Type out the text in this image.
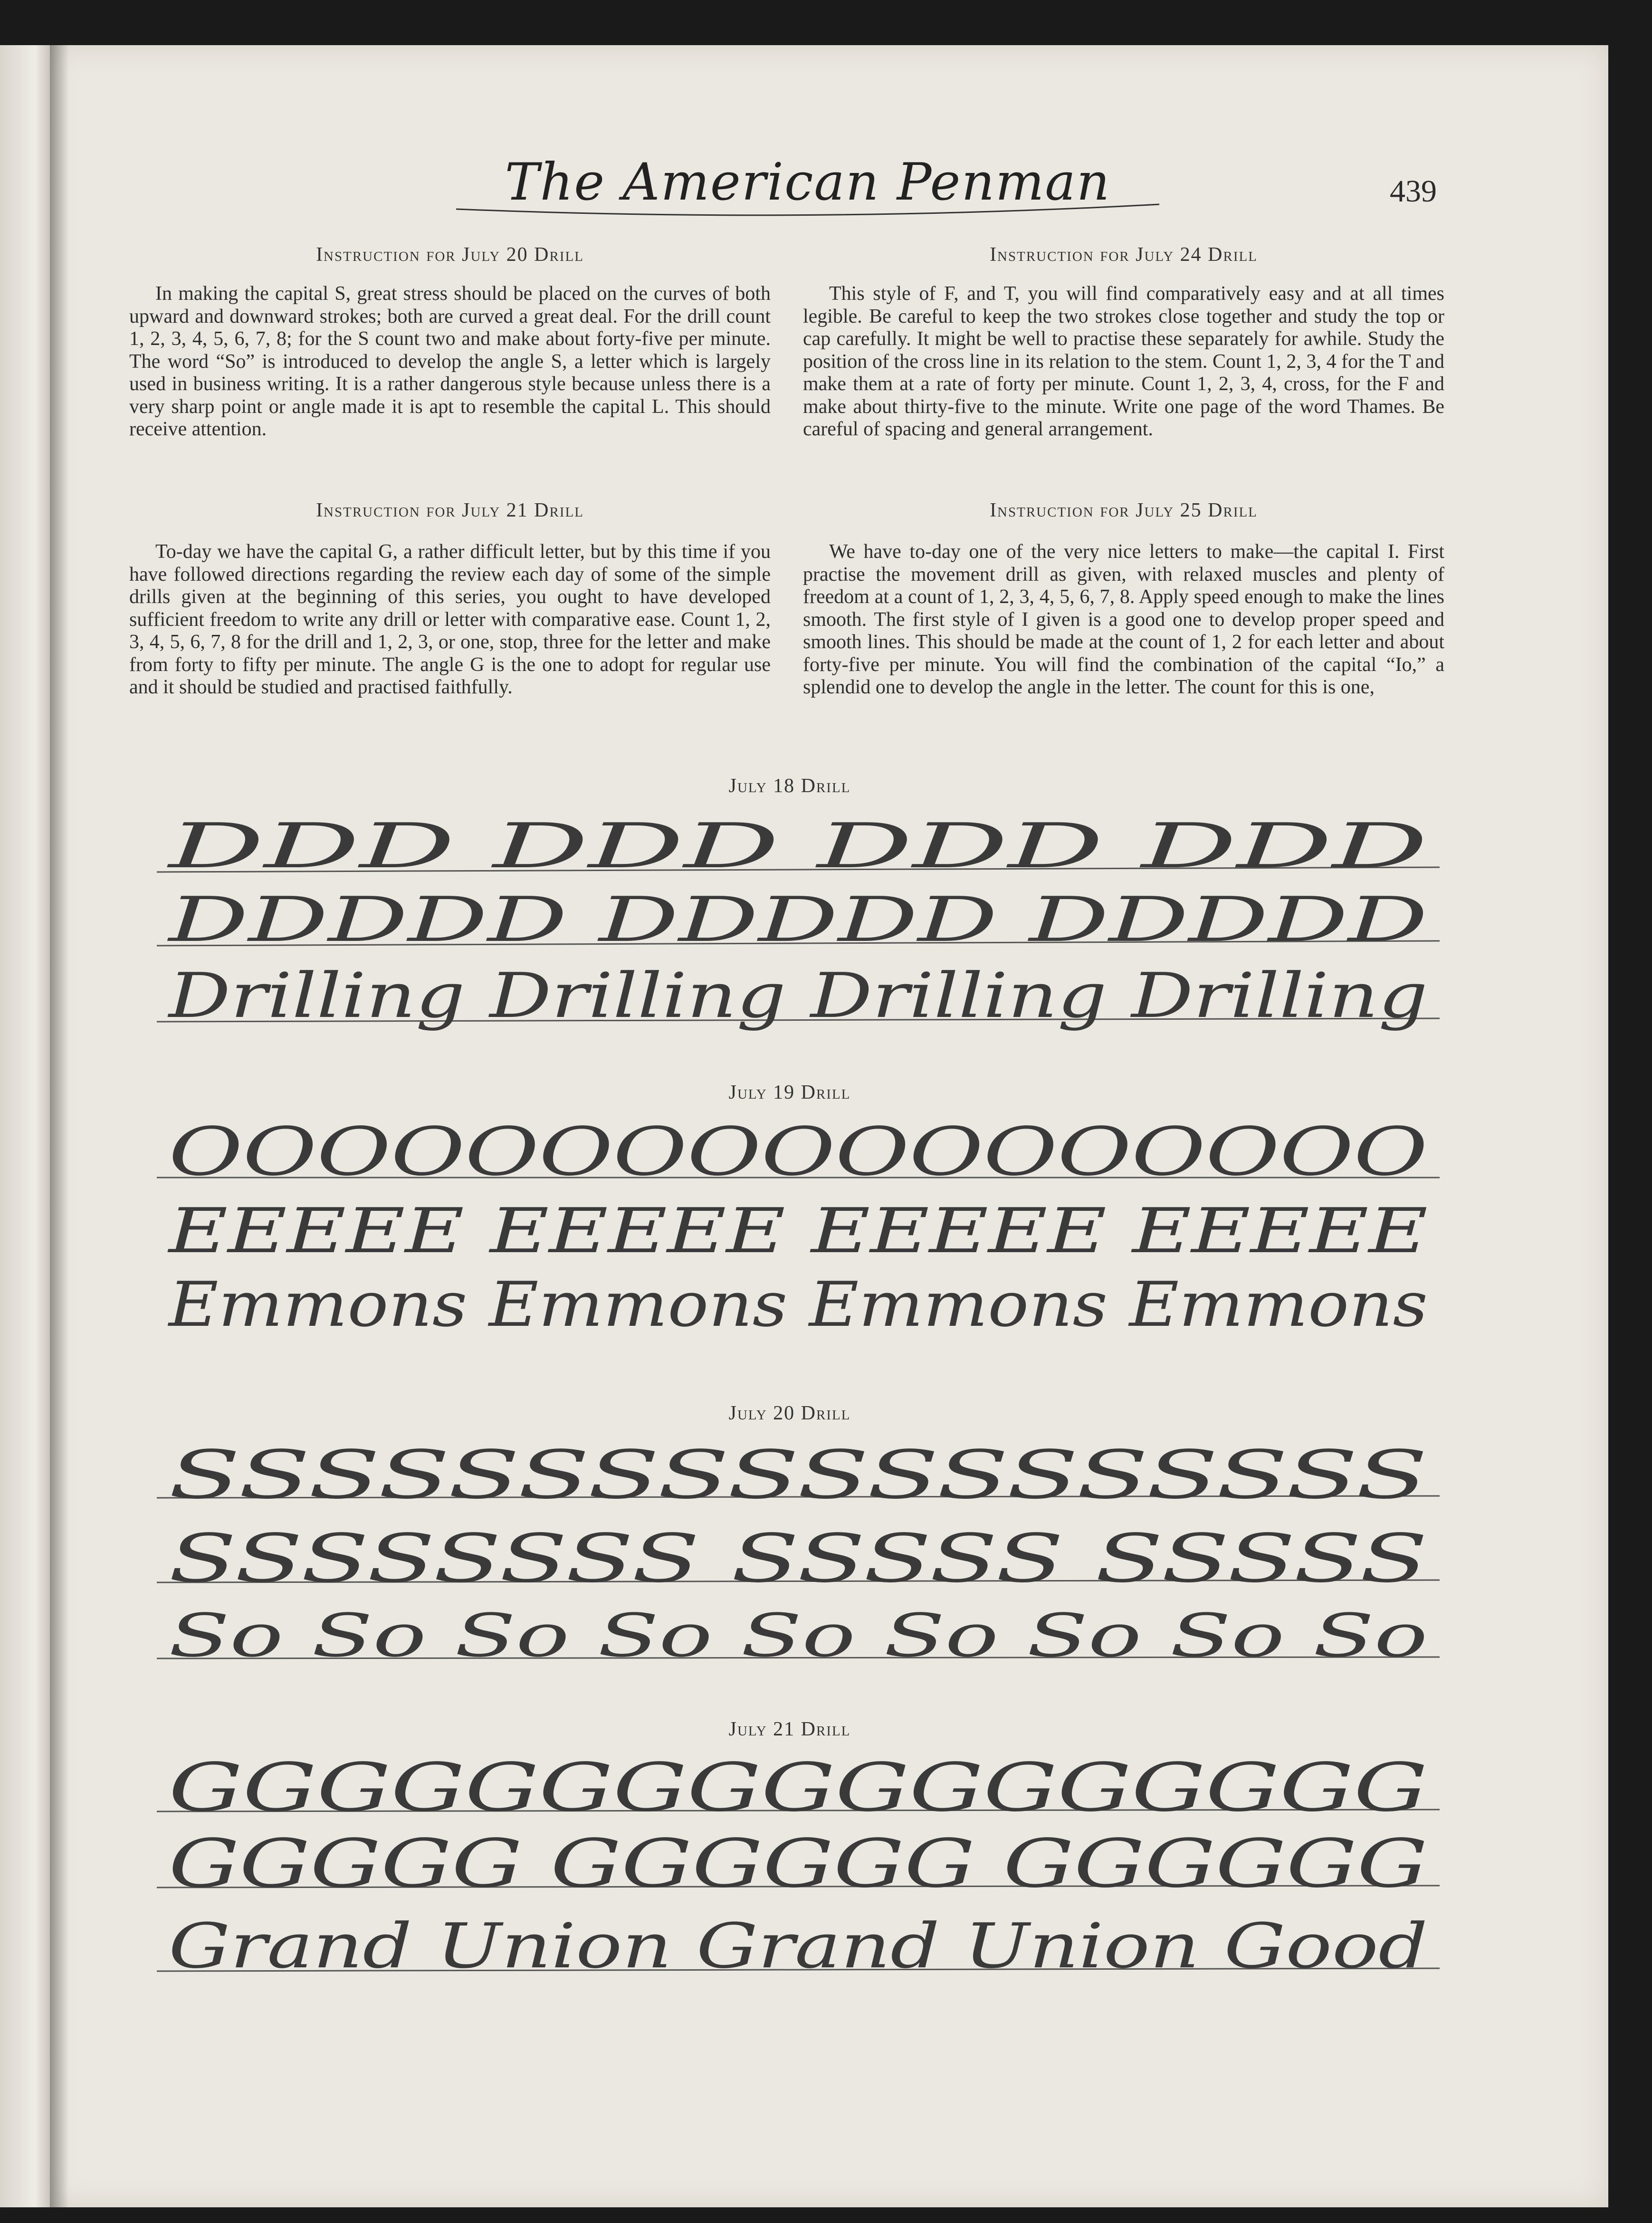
The American Penman	439
Instruction for July 20 Drill

In making the capital S, great stress should be placed on the curves of both upward and downward strokes; both are curved a great deal. For the drill count 1, 2, 3, 4, 5, 6, 7, 8; for the S count two and make about forty-five per minute. The word “So” is introduced to develop the angle S, a letter which is largely used in business writing. It is a rather dangerous style because unless there is a very sharp point or angle made it is apt to resemble the capital L. This should receive attention.

Instruction for July 21 Drill

To-day we have the capital G, a rather difficult letter, but by this time if you have followed directions regarding the review each day of some of the simple drills given at the beginning of this series, you ought to have developed sufficient freedom to write any drill or letter with comparative ease. Count 1, 2, 3, 4, 5, 6, 7, 8 for the drill and 1, 2, 3, or one, stop, three for the letter and make from forty to fifty per minute. The angle G is the one to adopt for regular use and it should be studied and practised faithfully.

Instruction for July 24 Drill

This style of F, and T, you will find comparatively easy and at all times legible. Be careful to keep the two strokes close together and study the top or cap carefully. It might be well to practise these separately for awhile. Study the position of the cross line in its relation to the stem. Count 1, 2, 3, 4 for the T and make them at a rate of forty per minute. Count 1, 2, 3, 4, cross, for the F and make about thirty-five to the minute. Write one page of the word Thames. Be careful of spacing and general arrangement.

Instruction for July 25 Drill

We have to-day one of the very nice letters to make—the capital I. First practise the movement drill as given, with relaxed muscles and plenty of freedom at a count of 1, 2, 3, 4, 5, 6, 7, 8. Apply speed enough to make the lines smooth. The first style of I given is a good one to develop proper speed and smooth lines. This should be made at the count of 1, 2 for each letter and about forty-five per minute. You will find the combination of the capital “Io,” a splendid one to develop the angle in the letter. The count for this is one,

July 18 Drill
DDD DDD DDD DDD
DDDDD DDDDD DDDDD
Drilling Drilling Drilling Drilling
July 19 Drill
OOOOOOOOOOOOOOOOO
EEEEE EEEEE EEEEE EEEEE
Emmons Emmons Emmons Emmons
July 20 Drill
SSSSSSSSSSSSSSSSSS
SSSSSSSS SSSSS SSSSS
So So So So So So So So So
July 21 Drill
GGGGGGGGGGGGGGGGG
GGGGG GGGGGG GGGGGG
Grand Union Grand Union Good
